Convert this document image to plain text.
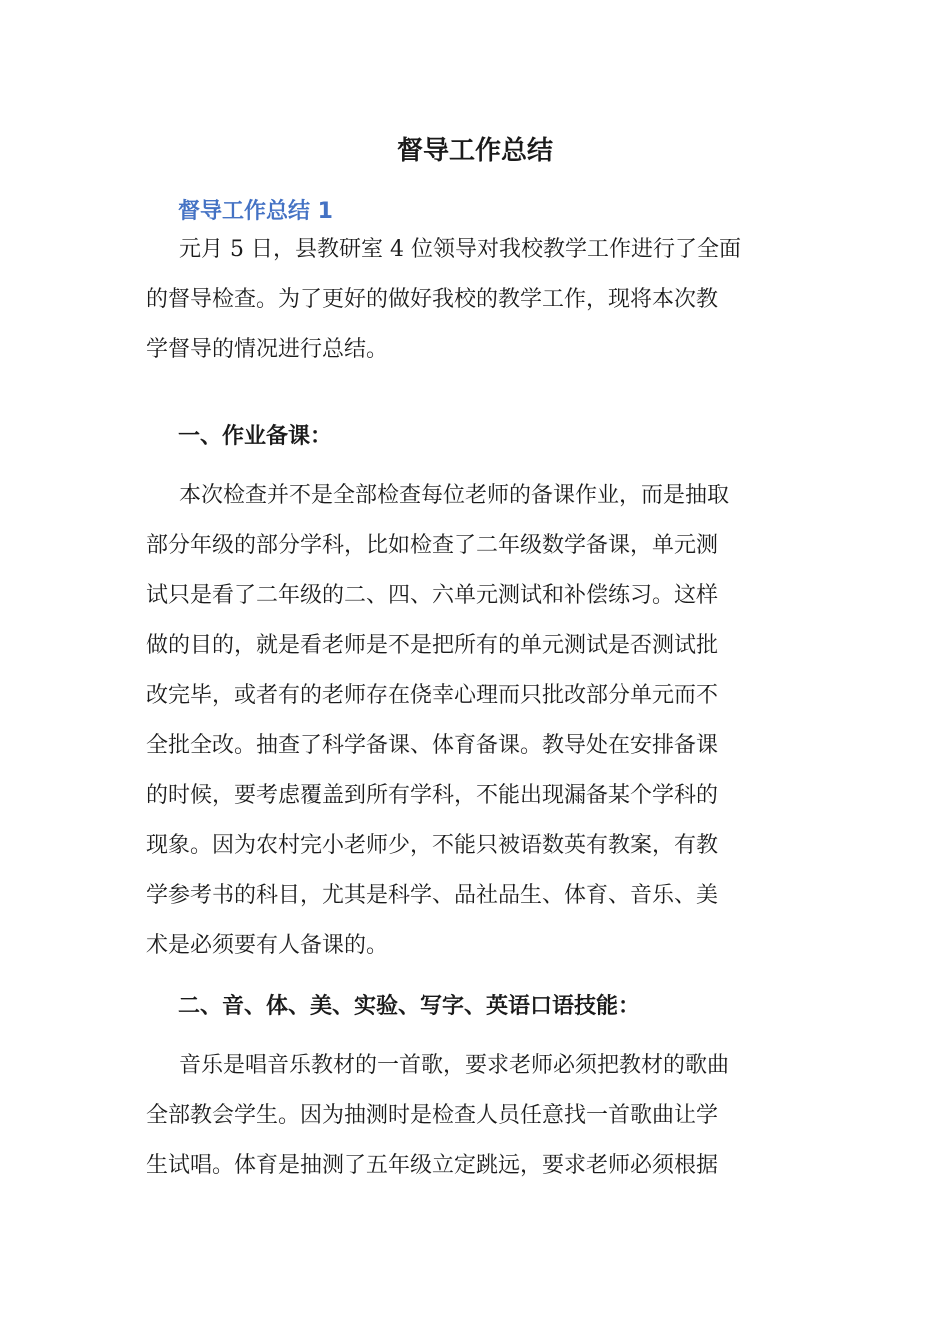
督导工作总结
督导工作总结 1
元月 5 日，县教研室 4 位领导对我校教学工作进行了全面
的督导检查。为了更好的做好我校的教学工作，现将本次教
学督导的情况进行总结。
一、作业备课：
本次检查并不是全部检查每位老师的备课作业，而是抽取
部分年级的部分学科，比如检查了二年级数学备课，单元测
试只是看了二年级的二、四、六单元测试和补偿练习。这样
做的目的，就是看老师是不是把所有的单元测试是否测试批
改完毕，或者有的老师存在侥幸心理而只批改部分单元而不
全批全改。抽查了科学备课、体育备课。教导处在安排备课
的时候，要考虑覆盖到所有学科，不能出现漏备某个学科的
现象。因为农村完小老师少，不能只被语数英有教案，有教
学参考书的科目，尤其是科学、品社品生、体育、音乐、美
术是必须要有人备课的。
二、音、体、美、实验、写字、英语口语技能：
音乐是唱音乐教材的一首歌，要求老师必须把教材的歌曲
全部教会学生。因为抽测时是检查人员任意找一首歌曲让学
生试唱。体育是抽测了五年级立定跳远，要求老师必须根据
